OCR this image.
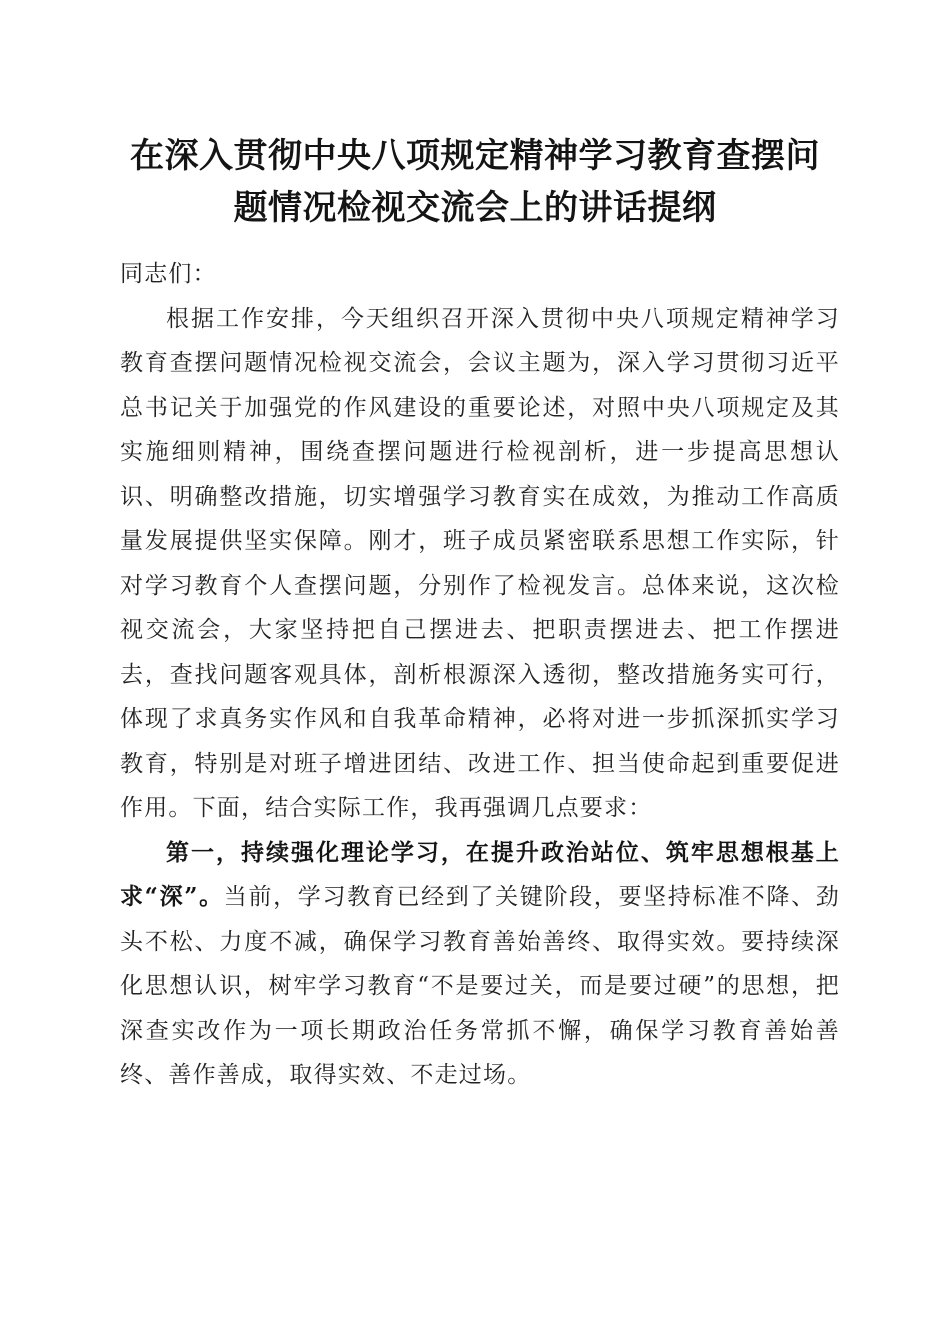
在深入贯彻中央八项规定精神学习教育查摆问
题情况检视交流会上的讲话提纲

同志们：

根据工作安排，今天组织召开深入贯彻中央八项规定精神学习教育查摆问题情况检视交流会，会议主题为，深入学习贯彻习近平总书记关于加强党的作风建设的重要论述，对照中央八项规定及其实施细则精神，围绕查摆问题进行检视剖析，进一步提高思想认识、明确整改措施，切实增强学习教育实在成效，为推动工作高质量发展提供坚实保障。刚才，班子成员紧密联系思想工作实际，针对学习教育个人查摆问题，分别作了检视发言。总体来说，这次检视交流会，大家坚持把自己摆进去、把职责摆进去、把工作摆进去，查找问题客观具体，剖析根源深入透彻，整改措施务实可行，体现了求真务实作风和自我革命精神，必将对进一步抓深抓实学习教育，特别是对班子增进团结、改进工作、担当使命起到重要促进作用。下面，结合实际工作，我再强调几点要求：

第一，持续强化理论学习，在提升政治站位、筑牢思想根基上求“深”。当前，学习教育已经到了关键阶段，要坚持标准不降、劲头不松、力度不减，确保学习教育善始善终、取得实效。要持续深化思想认识，树牢学习教育“不是要过关，而是要过硬”的思想，把深查实改作为一项长期政治任务常抓不懈，确保学习教育善始善终、善作善成，取得实效、不走过场。
